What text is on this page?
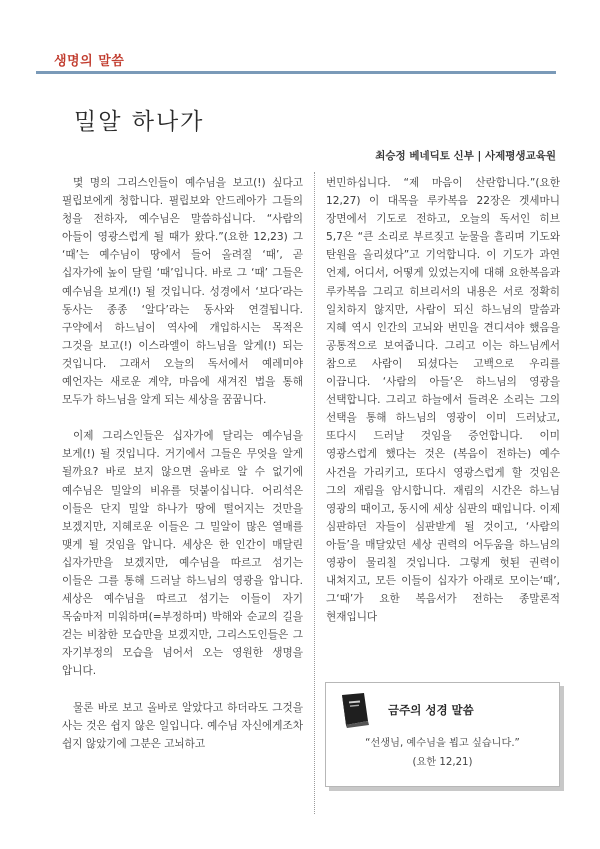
생명의 말씀
밀알 하나가
최승정 베네딕토 신부 | 사제평생교육원

몇 명의 그리스인들이 예수님을 보고(!) 싶다고 필립보에게 청합니다. 필립보와 안드레아가 그들의 청을 전하자, 예수님은 말씀하십니다. “사람의 아들이 영광스럽게 될 때가 왔다.”(요한 12,23) 그 ‘때’는 예수님이 땅에서 들어 올려질 ‘때’, 곧 십자가에 높이 달릴 ‘때’입니다. 바로 그 ‘때’ 그들은 예수님을 보게(!) 될 것입니다. 성경에서 ‘보다’라는 동사는 종종 ‘알다’라는 동사와 연결됩니다. 구약에서 하느님이 역사에 개입하시는 목적은 그것을 보고(!) 이스라엘이 하느님을 알게(!) 되는 것입니다. 그래서 오늘의 독서에서 예레미야 예언자는 새로운 계약, 마음에 새겨진 법을 통해 모두가 하느님을 알게 되는 세상을 꿈꿉니다.

이제 그리스인들은 십자가에 달리는 예수님을 보게(!) 될 것입니다. 거기에서 그들은 무엇을 알게 될까요? 바로 보지 않으면 올바로 알 수 없기에 예수님은 밀알의 비유를 덧붙이십니다. 어리석은 이들은 단지 밀알 하나가 땅에 떨어지는 것만을 보겠지만, 지혜로운 이들은 그 밀알이 많은 열매를 맺게 될 것임을 압니다. 세상은 한 인간이 매달린 십자가만을 보겠지만, 예수님을 따르고 섬기는 이들은 그를 통해 드러날 하느님의 영광을 압니다. 세상은 예수님을 따르고 섬기는 이들이 자기 목숨마저 미워하며(=부정하며) 박해와 순교의 길을 걷는 비참한 모습만을 보겠지만, 그리스도인들은 그 자기부정의 모습을 넘어서 오는 영원한 생명을 압니다.

물론 바로 보고 올바로 알았다고 하더라도 그것을 사는 것은 쉽지 않은 일입니다. 예수님 자신에게조차 쉽지 않았기에 그분은 고뇌하고

번민하십니다. “제 마음이 산란합니다.”(요한 12,27) 이 대목을 루카복음 22장은 겟세마니 장면에서 기도로 전하고, 오늘의 독서인 히브 5,7은 “큰 소리로 부르짖고 눈물을 흘리며 기도와 탄원을 올리셨다”고 기억합니다. 이 기도가 과연 언제, 어디서, 어떻게 있었는지에 대해 요한복음과 루카복음 그리고 히브리서의 내용은 서로 정확히 일치하지 않지만, 사람이 되신 하느님의 말씀과 지혜 역시 인간의 고뇌와 번민을 견디셔야 했음을 공통적으로 보여줍니다. 그리고 이는 하느님께서 참으로 사람이 되셨다는 고백으로 우리를 이끕니다. ‘사람의 아들’은 하느님의 영광을 선택합니다. 그리고 하늘에서 들려온 소리는 그의 선택을 통해 하느님의 영광이 이미 드러났고, 또다시 드러날 것임을 증언합니다. 이미 영광스럽게 했다는 것은 (복음이 전하는) 예수 사건을 가리키고, 또다시 영광스럽게 할 것임은 그의 재림을 암시합니다. 재림의 시간은 하느님 영광의 때이고, 동시에 세상 심판의 때입니다. 이제 심판하던 자들이 심판받게 될 것이고, ‘사람의 아들’을 매달았던 세상 권력의 어두움을 하느님의 영광이 물리칠 것입니다. 그렇게 헛된 권력이 내쳐지고, 모든 이들이 십자가 아래로 모이는‘때’, 그‘때’가 요한 복음서가 전하는 종말론적 현재입니다

금주의 성경 말씀
“선생님, 예수님을 뵙고 싶습니다.”
(요한 12,21)
